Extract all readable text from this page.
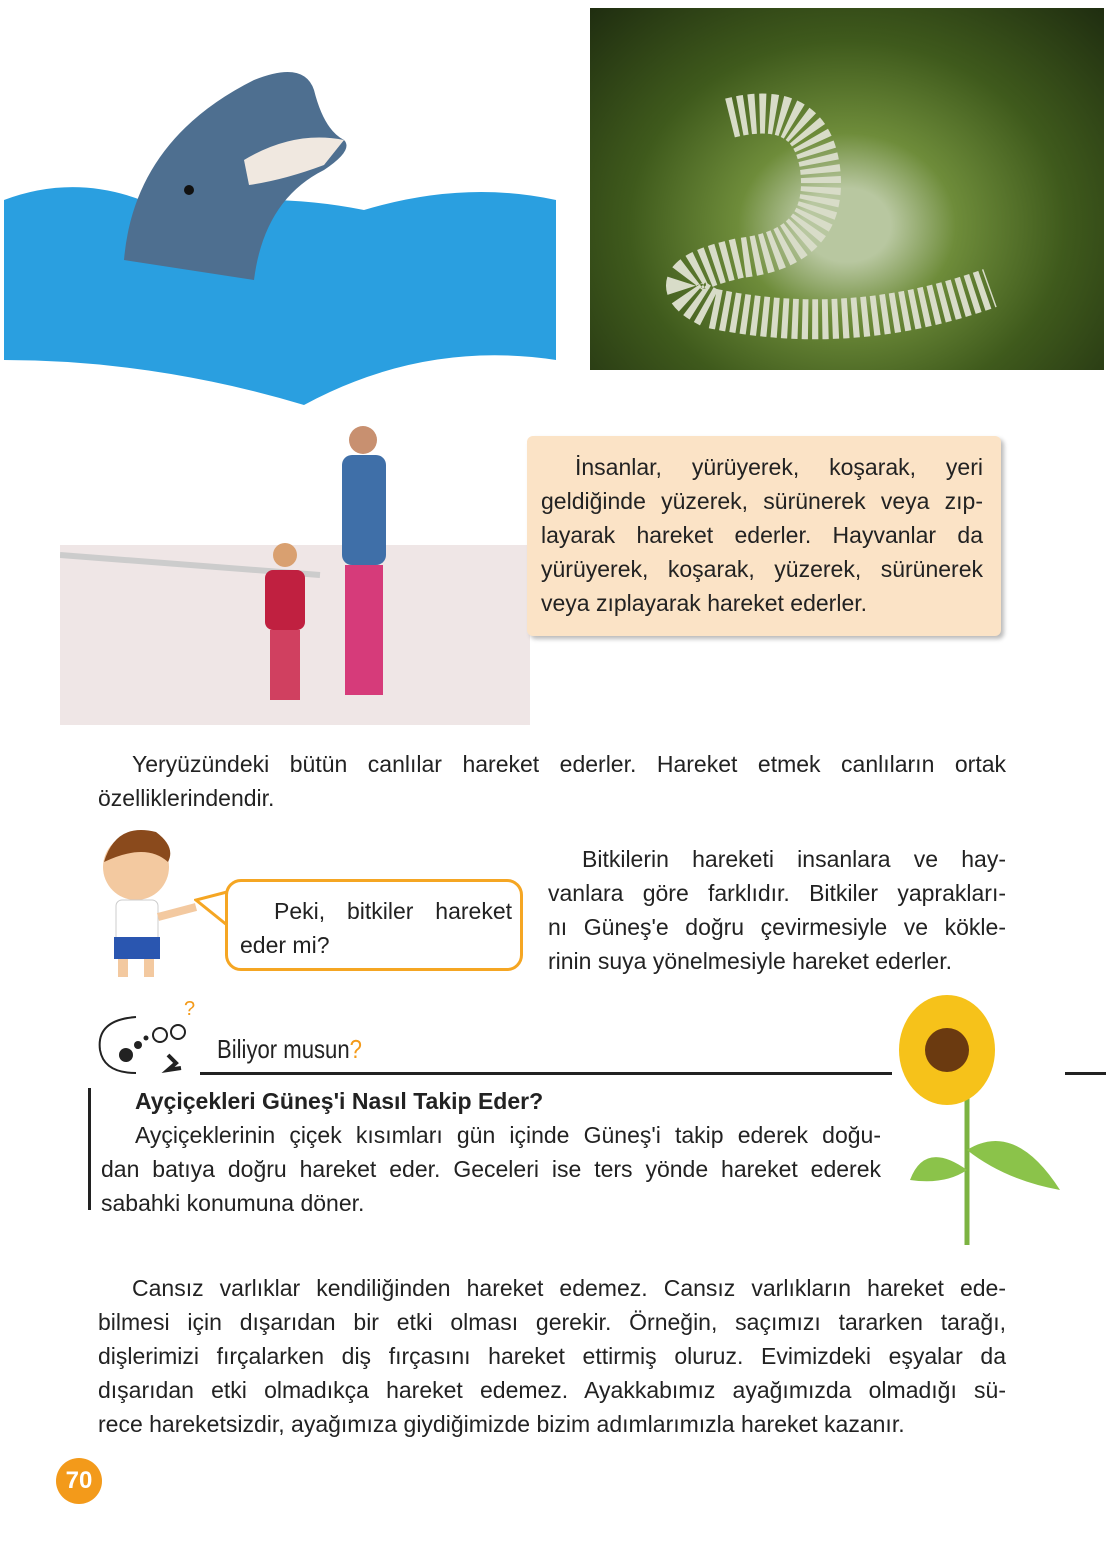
İnsanlar, yürüyerek, koşarak, yeri
geldiğinde yüzerek, sürünerek veya zıp-
layarak hareket ederler. Hayvanlar da
yürüyerek, koşarak, yüzerek, sürünerek
veya zıplayarak hareket ederler.
Yeryüzündeki bütün canlılar hareket ederler. Hareket etmek canlıların ortak
özelliklerindendir.
Peki, bitkiler hareket
eder mi?
Bitkilerin hareketi insanlara ve hay-
vanlara göre farklıdır. Bitkiler yaprakları-
nı Güneş'e doğru çevirmesiyle ve kökle-
rinin suya yönelmesiyle hareket ederler.
?
Biliyor musun?
Ayçiçekleri Güneş'i Nasıl Takip Eder?
Ayçiçeklerinin çiçek kısımları gün içinde Güneş'i takip ederek doğu-
dan batıya doğru hareket eder. Geceleri ise ters yönde hareket ederek
sabahki konumuna döner.
Cansız varlıklar kendiliğinden hareket edemez. Cansız varlıkların hareket ede-
bilmesi için dışarıdan bir etki olması gerekir. Örneğin, saçımızı tararken tarağı,
dişlerimizi fırçalarken diş fırçasını hareket ettirmiş oluruz. Evimizdeki eşyalar da
dışarıdan etki olmadıkça hareket edemez. Ayakkabımız ayağımızda olmadığı sü-
rece hareketsizdir, ayağımıza giydiğimizde bizim adımlarımızla hareket kazanır.
70
